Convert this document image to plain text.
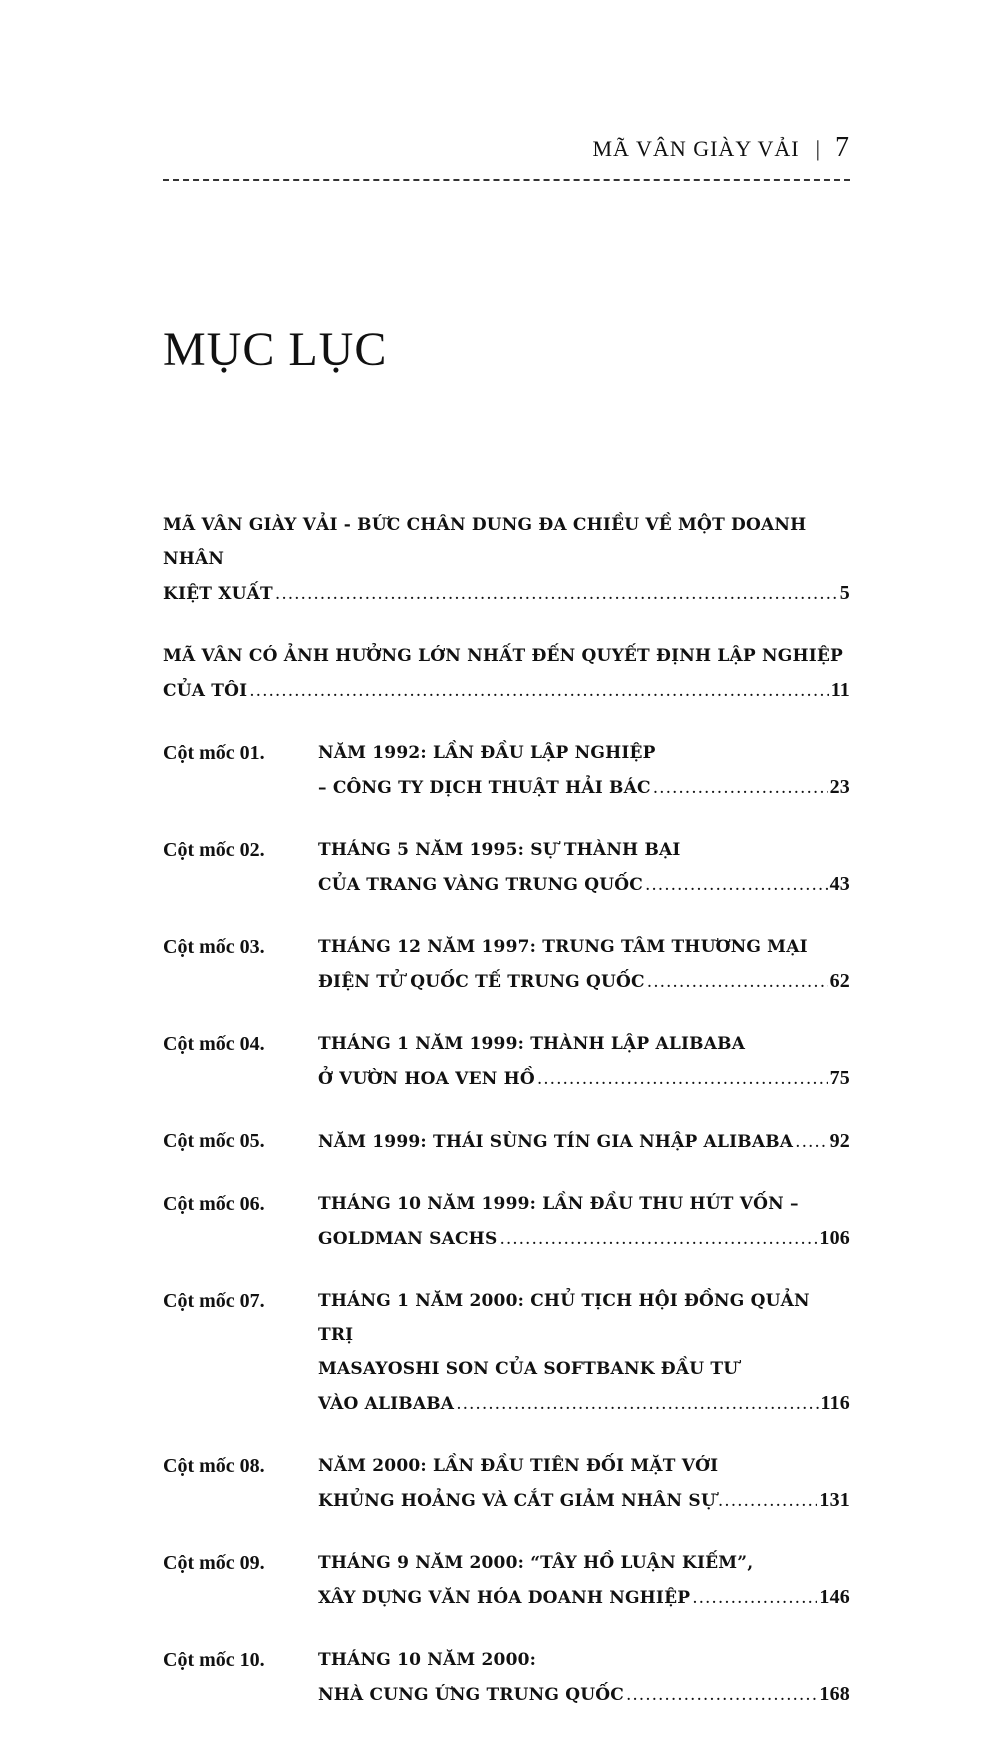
MÃ VÂN GIÀY VẢI | 7
MỤC LỤC
MÃ VÂN GIÀY VẢI - BỨC CHÂN DUNG ĐA CHIỀU VỀ MỘT DOANH NHÂN
KIỆT XUẤT .....	5
MÃ VÂN CÓ ẢNH HƯỞNG LỚN NHẤT ĐẾN QUYẾT ĐỊNH LẬP NGHIỆP
CỦA TÔI .....	11
Cột mốc 01.	NĂM 1992: LẦN ĐẦU LẬP NGHIỆP
– CÔNG TY DỊCH THUẬT HẢI BÁC .....	23
Cột mốc 02.	THÁNG 5 NĂM 1995: SỰ THÀNH BẠI
CỦA TRANG VÀNG TRUNG QUỐC .....	43
Cột mốc 03.	THÁNG 12 NĂM 1997: TRUNG TÂM THƯƠNG MẠI
ĐIỆN TỬ QUỐC TẾ TRUNG QUỐC .....	62
Cột mốc 04.	THÁNG 1 NĂM 1999: THÀNH LẬP ALIBABA
Ở VƯỜN HOA VEN HỒ .....	75
Cột mốc 05.	NĂM 1999: THÁI SÙNG TÍN GIA NHẬP ALIBABA ..... 92
Cột mốc 06.	THÁNG 10 NĂM 1999: LẦN ĐẦU THU HÚT VỐN –
GOLDMAN SACHS .....	106
Cột mốc 07.	THÁNG 1 NĂM 2000: CHỦ TỊCH HỘI ĐỒNG QUẢN TRỊ
MASAYOSHI SON CỦA SOFTBANK ĐẦU TƯ
VÀO ALIBABA .....	116
Cột mốc 08.	NĂM 2000: LẦN ĐẦU TIÊN ĐỐI MẶT VỚI
KHỦNG HOẢNG VÀ CẮT GIẢM NHÂN SỰ .....	131
Cột mốc 09.	THÁNG 9 NĂM 2000: “TÂY HỒ LUẬN KIẾM”,
XÂY DỰNG VĂN HÓA DOANH NGHIỆP .....	146
Cột mốc 10.	THÁNG 10 NĂM 2000:
NHÀ CUNG ỨNG TRUNG QUỐC .....	168
